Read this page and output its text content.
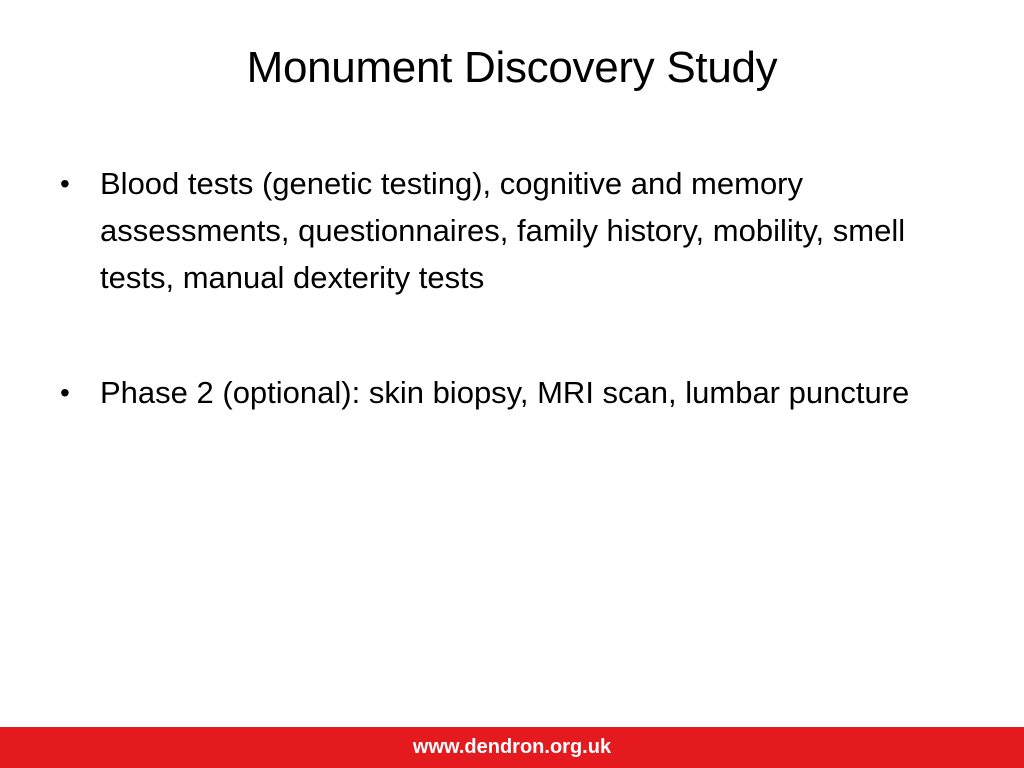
Monument Discovery Study
• Blood tests (genetic testing), cognitive and memory assessments, questionnaires, family history, mobility, smell tests, manual dexterity tests
• Phase 2 (optional): skin biopsy, MRI scan, lumbar puncture
www.dendron.org.uk
